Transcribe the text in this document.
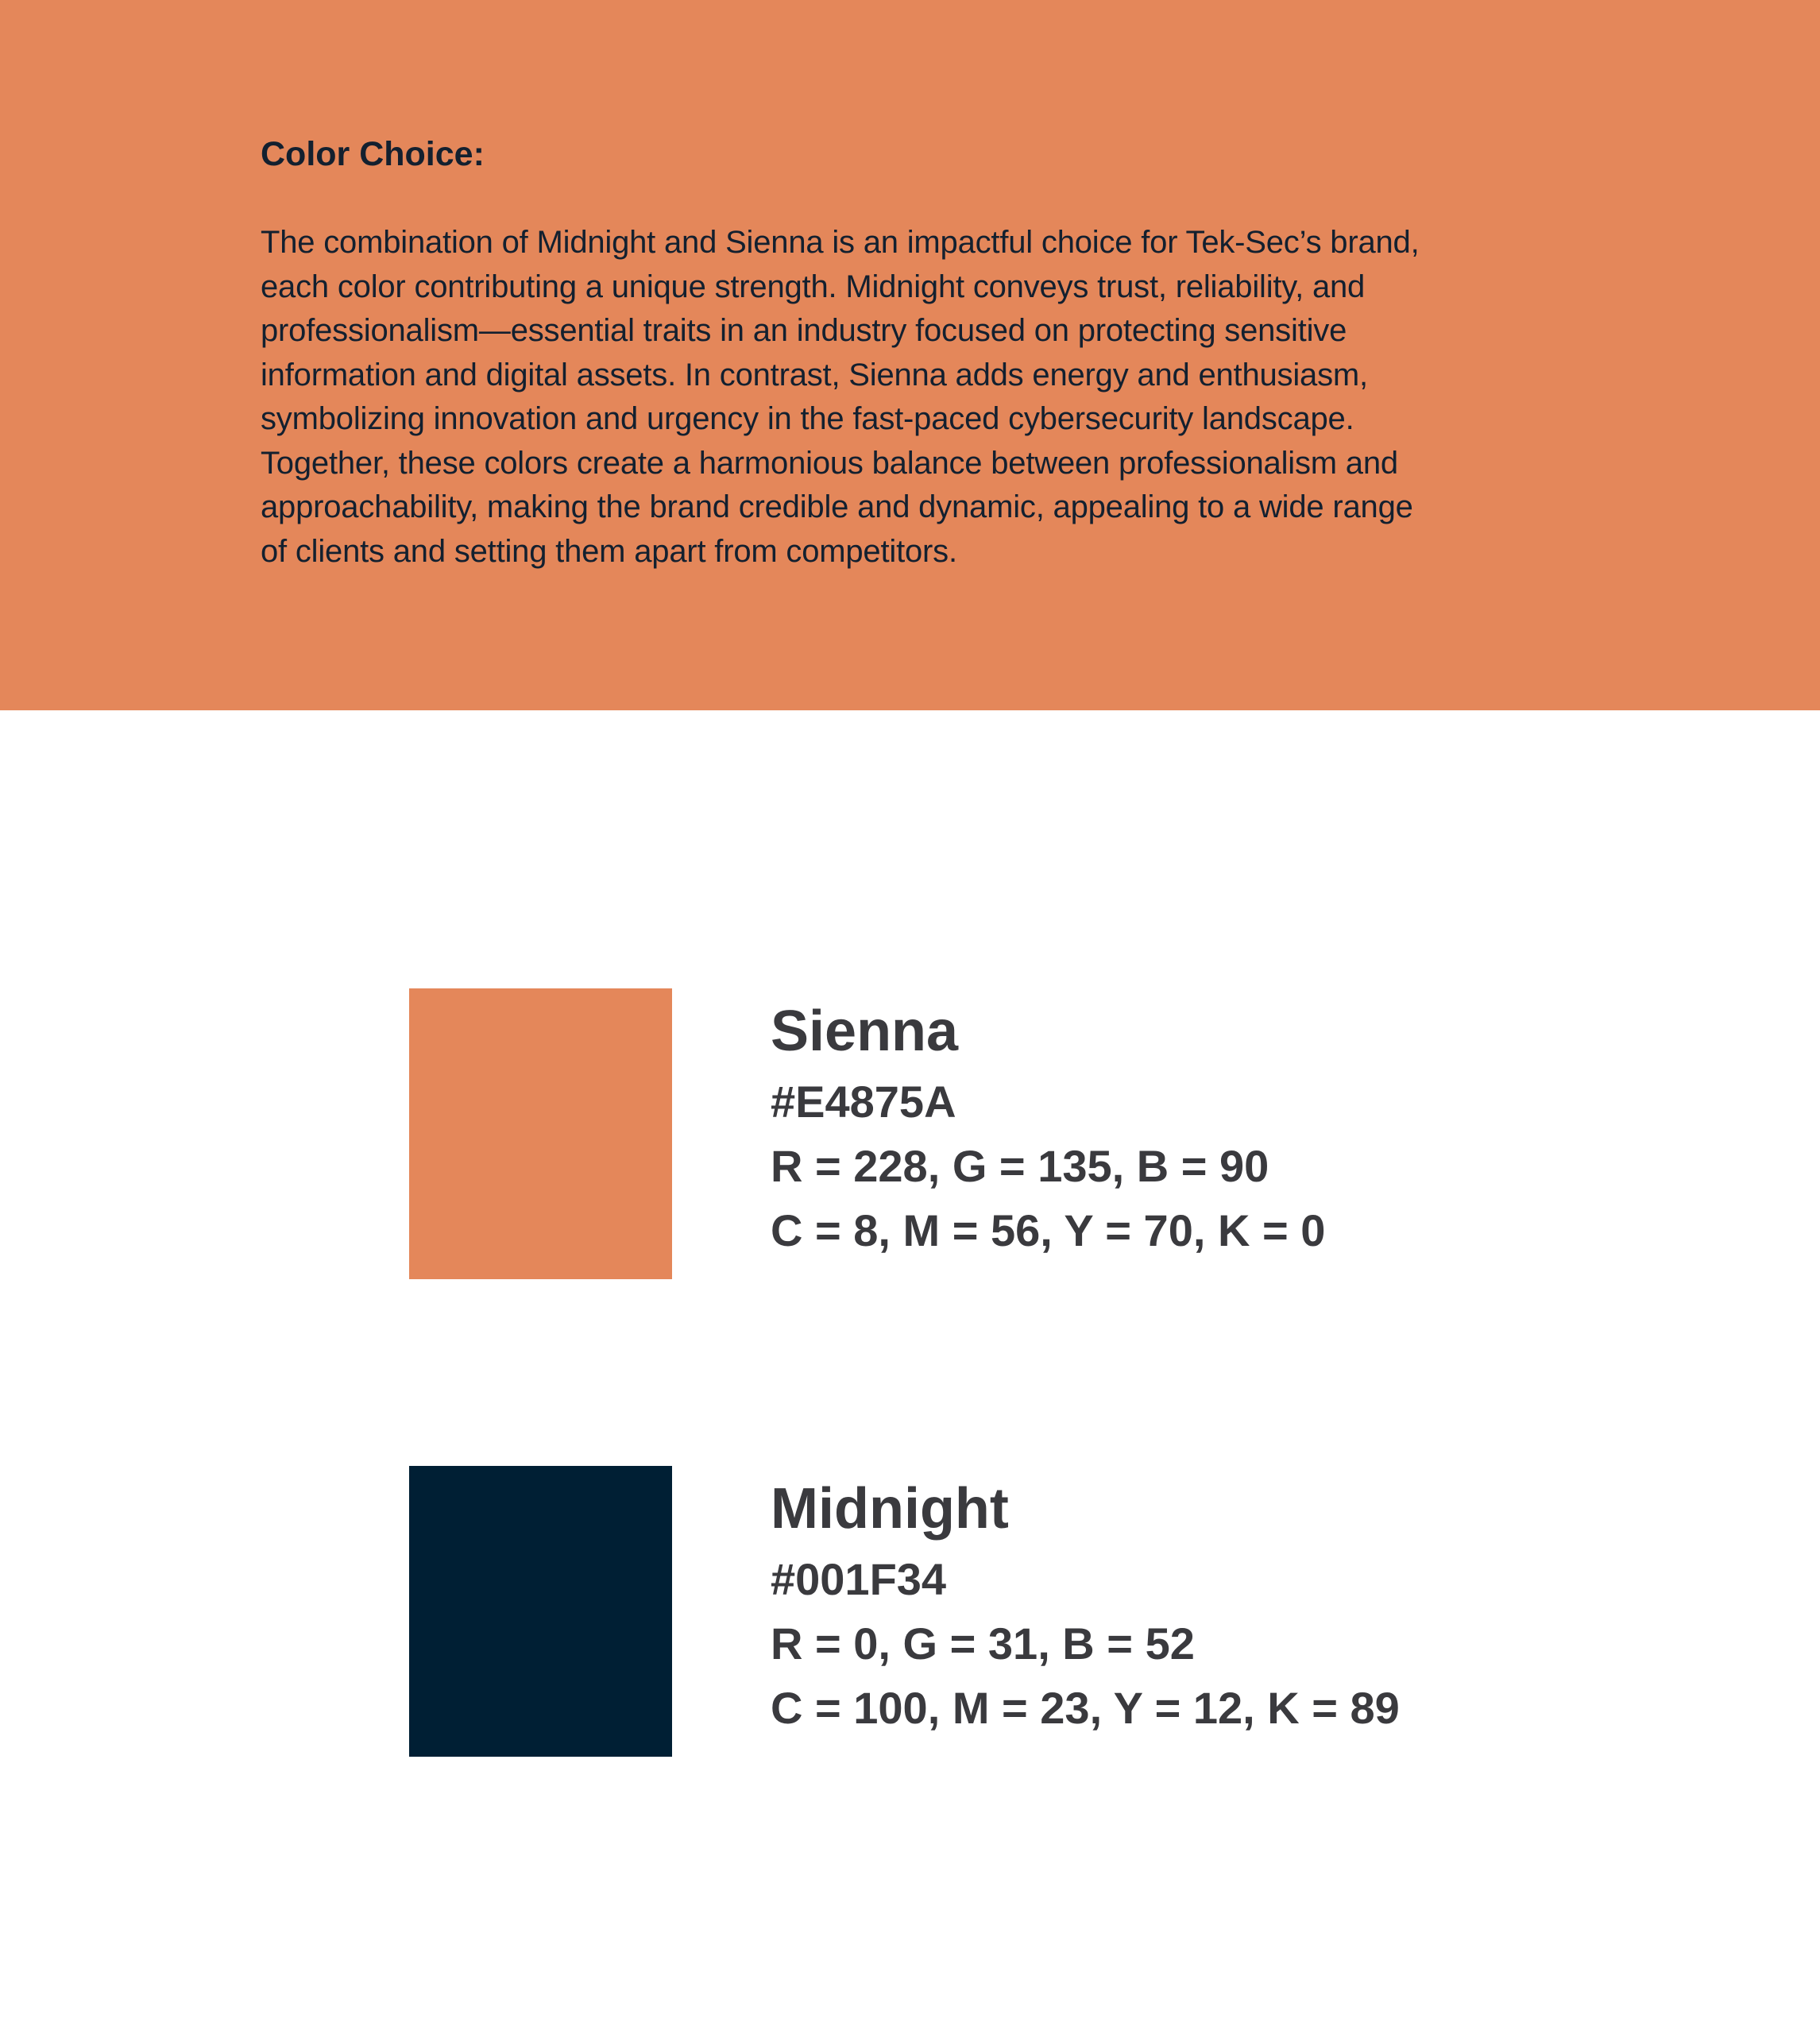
Color Choice:
The combination of Midnight and Sienna is an impactful choice for Tek-Sec’s brand,
each color contributing a unique strength. Midnight conveys trust, reliability, and
professionalism—essential traits in an industry focused on protecting sensitive
information and digital assets. In contrast, Sienna adds energy and enthusiasm,
symbolizing innovation and urgency in the fast-paced cybersecurity landscape.
Together, these colors create a harmonious balance between professionalism and
approachability, making the brand credible and dynamic, appealing to a wide range
of clients and setting them apart from competitors.
Sienna
#E4875A
R = 228, G = 135, B = 90
C = 8, M = 56, Y = 70, K = 0
Midnight
#001F34
R = 0, G = 31, B = 52
C = 100, M = 23, Y = 12, K = 89
